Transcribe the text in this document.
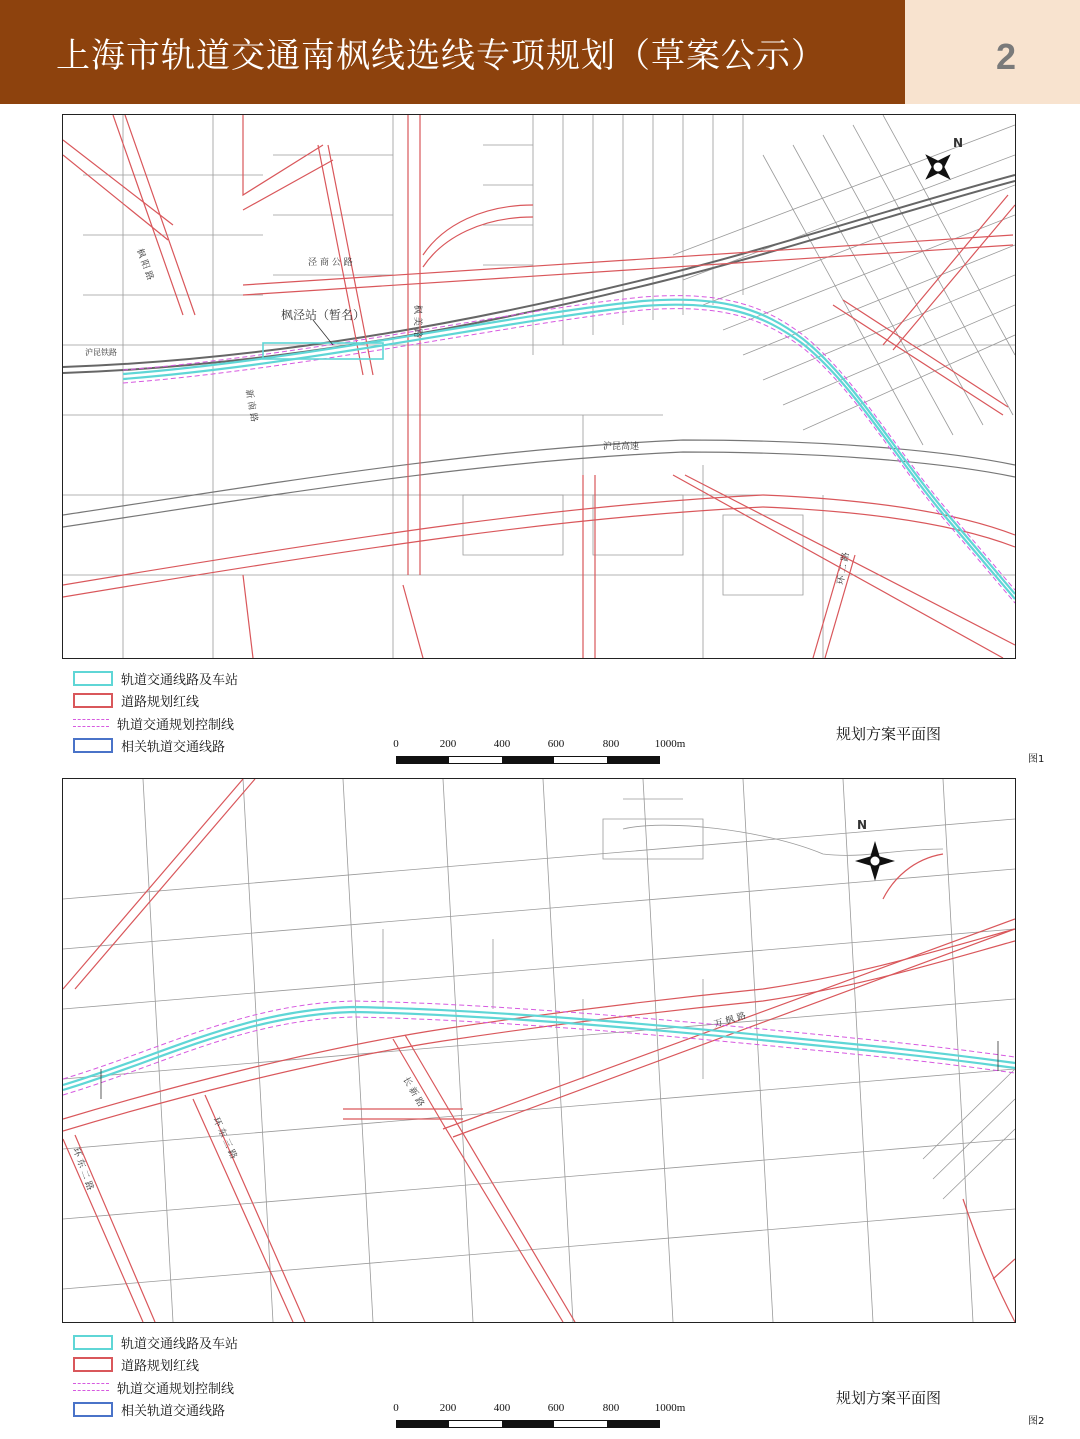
上海市轨道交通南枫线选线专项规划（草案公示）	2
N
枫泾站（暂名）
沪昆铁路
沪昆高速
泾 商 公 路
枫 美 路
枫 阳 路
新 南 路
环 二 路
轨道交通线路及车站
道路规划红线
轨道交通规划控制线
相关轨道交通线路	0	200	400	600	800	1000m
规划方案平面图
图1
N
万 枫 路
环 东 三 路
环 东 二 路
长 新 路
轨道交通线路及车站
道路规划红线
轨道交通规划控制线
相关轨道交通线路	0	200	400	600	800	1000m
规划方案平面图
图2
